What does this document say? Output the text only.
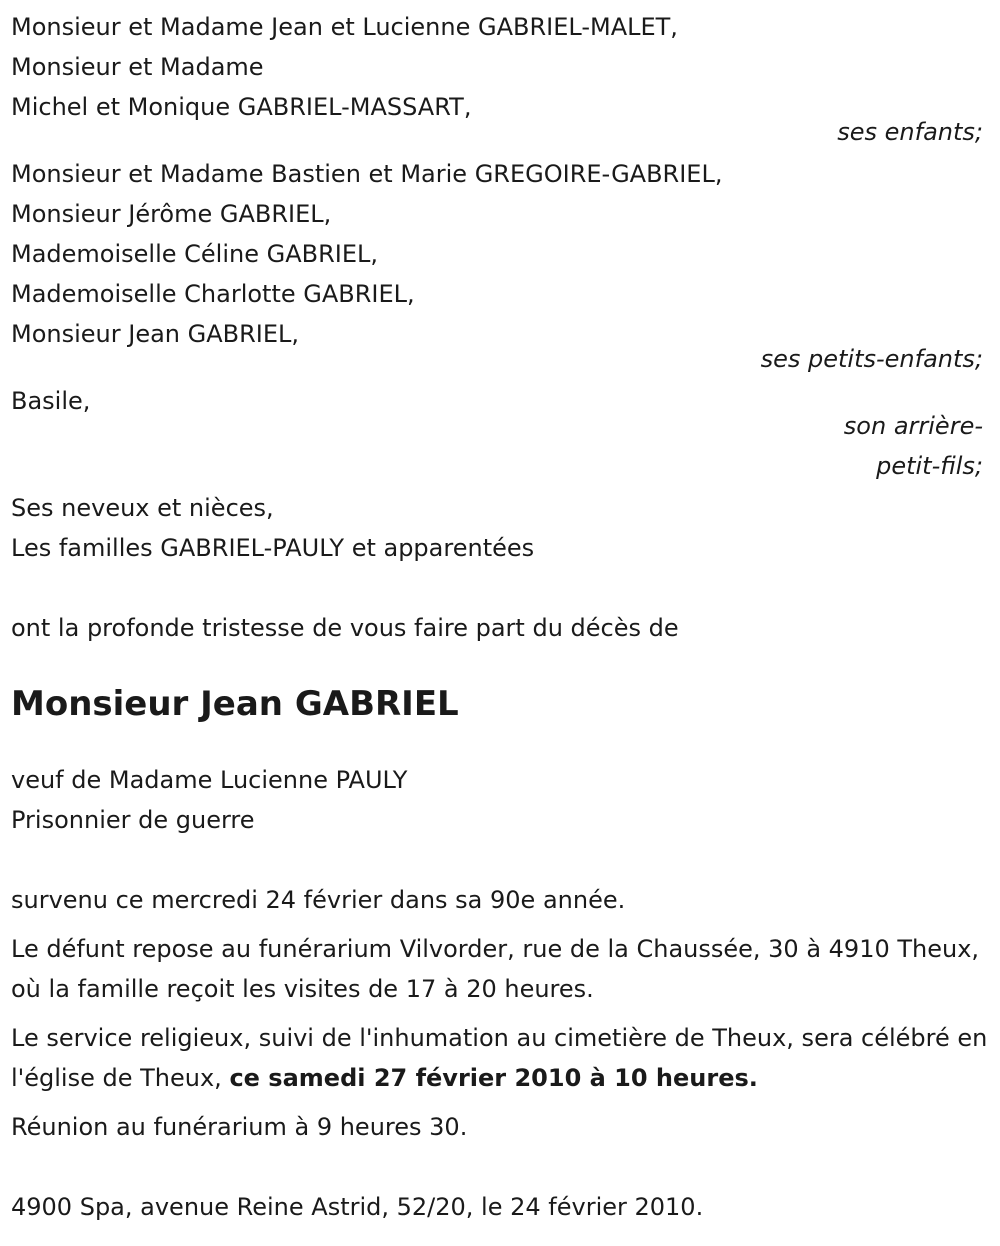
Monsieur et Madame Jean et Lucienne GABRIEL-MALET,
Monsieur et Madame
Michel et Monique GABRIEL-MASSART,
ses enfants;
Monsieur et Madame Bastien et Marie GREGOIRE-GABRIEL,
Monsieur Jérôme GABRIEL,
Mademoiselle Céline GABRIEL,
Mademoiselle Charlotte GABRIEL,
Monsieur Jean GABRIEL,
ses petits-enfants;
Basile,
son arrière-
petit-fils;
Ses neveux et nièces,
Les familles GABRIEL-PAULY et apparentées
ont la profonde tristesse de vous faire part du décès de
Monsieur Jean GABRIEL
veuf de Madame Lucienne PAULY
Prisonnier de guerre
survenu ce mercredi 24 février dans sa 90e année.
Le défunt repose au funérarium Vilvorder, rue de la Chaussée, 30 à 4910 Theux, où la famille reçoit les visites de 17 à 20 heures.
Le service religieux, suivi de l'inhumation au cimetière de Theux, sera célébré en l'église de Theux, ce samedi 27 février 2010 à 10 heures.
Réunion au funérarium à 9 heures 30.
4900 Spa, avenue Reine Astrid, 52/20, le 24 février 2010.
